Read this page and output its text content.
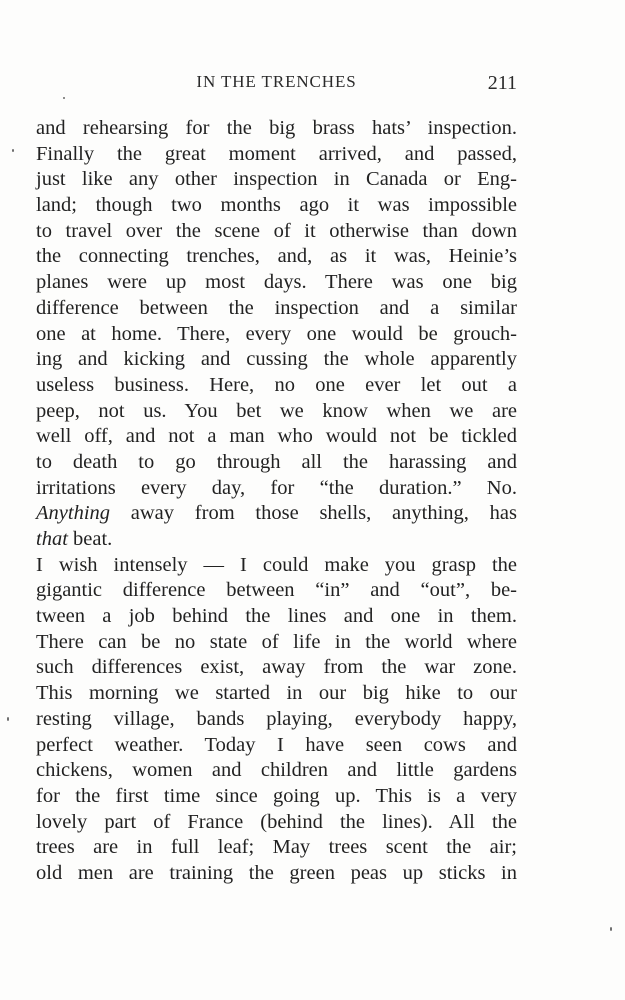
IN THE TRENCHES	211
and rehearsing for the big brass hats’ inspection.
Finally the great moment arrived, and passed,
just like any other inspection in Canada or Eng-
land; though two months ago it was impossible
to travel over the scene of it otherwise than down
the connecting trenches, and, as it was, Heinie’s
planes were up most days. There was one big
difference between the inspection and a similar
one at home. There, every one would be grouch-
ing and kicking and cussing the whole apparently
useless business. Here, no one ever let out a
peep, not us. You bet we know when we are
well off, and not a man who would not be tickled
to death to go through all the harassing and
irritations every day, for “the duration.” No.
Anything away from those shells, anything, has
that beat.
I wish intensely — I could make you grasp the
gigantic difference between “in” and “out”, be-
tween a job behind the lines and one in them.
There can be no state of life in the world where
such differences exist, away from the war zone.
This morning we started in our big hike to our
resting village, bands playing, everybody happy,
perfect weather. Today I have seen cows and
chickens, women and children and little gardens
for the first time since going up. This is a very
lovely part of France (behind the lines). All the
trees are in full leaf; May trees scent the air;
old men are training the green peas up sticks in
